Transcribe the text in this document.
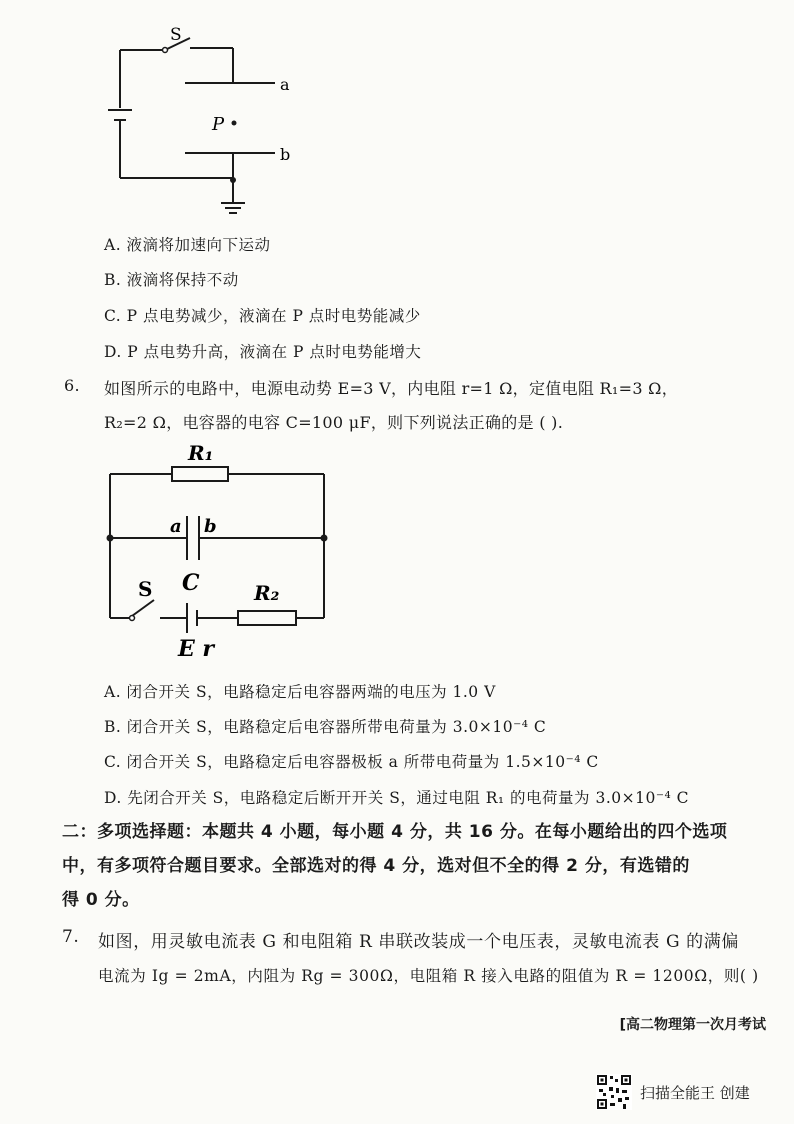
S
a
P
b
A. 液滴将加速向下运动
B. 液滴将保持不动
C. P 点电势减少，液滴在 P 点时电势能减少
D. P 点电势升高，液滴在 P 点时电势能增大
6. 如图所示的电路中，电源电动势 E=3 V，内电阻 r=1 Ω，定值电阻 R₁=3 Ω，
R₂=2 Ω，电容器的电容 C=100 μF，则下列说法正确的是 ( ).
R₁
a b
S C	R₂
E r
A. 闭合开关 S，电路稳定后电容器两端的电压为 1.0 V
B. 闭合开关 S，电路稳定后电容器所带电荷量为 3.0×10⁻⁴ C
C. 闭合开关 S，电路稳定后电容器极板 a 所带电荷量为 1.5×10⁻⁴ C
D. 先闭合开关 S，电路稳定后断开开关 S，通过电阻 R₁ 的电荷量为 3.0×10⁻⁴ C
二：多项选择题：本题共 4 小题，每小题 4 分，共 16 分。在每小题给出的四个选项
中，有多项符合题目要求。全部选对的得 4 分，选对但不全的得 2 分，有选错的
得 0 分。
7. 如图，用灵敏电流表 G 和电阻箱 R 串联改装成一个电压表，灵敏电流表 G 的满偏
电流为 Ig = 2mA，内阻为 Rg = 300Ω，电阻箱 R 接入电路的阻值为 R = 1200Ω，则( )
[高二物理第一次月考试
扫描全能王 创建
